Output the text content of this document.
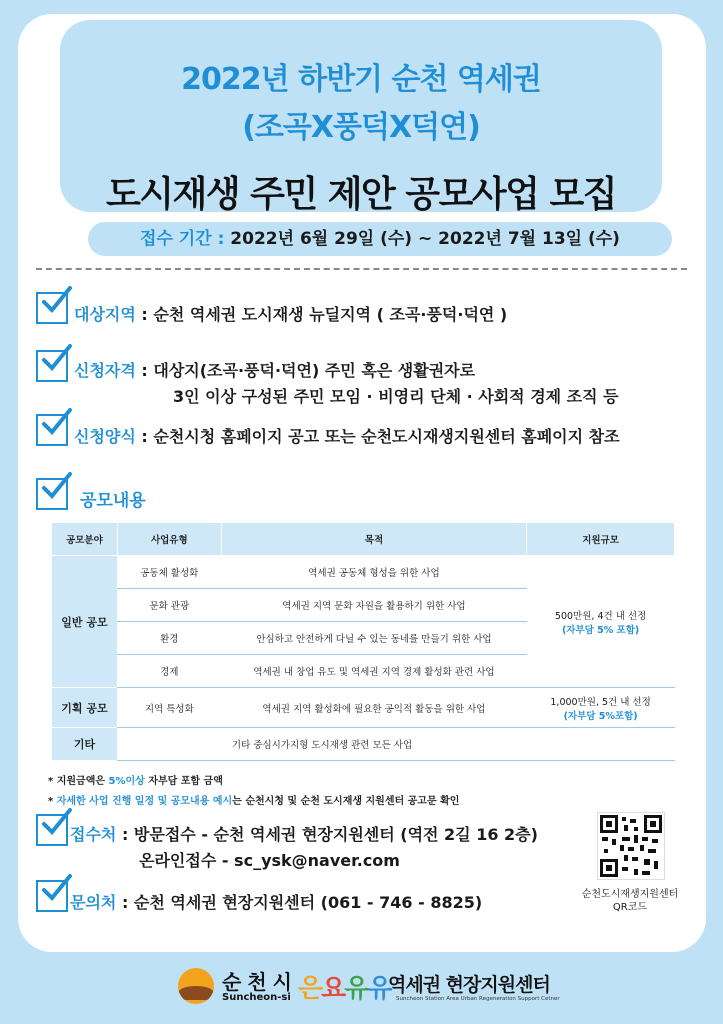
2022년 하반기 순천 역세권
(조곡X풍덕X덕연)
도시재생 주민 제안 공모사업 모집
접수 기간 : 2022년 6월 29일 (수) ~ 2022년 7월 13일 (수)
대상지역 : 순천 역세권 도시재생 뉴딜지역 ( 조곡·풍덕·덕연 )
신청자격 : 대상지(조곡·풍덕·덕연) 주민 혹은 생활권자로
3인 이상 구성된 주민 모임 · 비영리 단체 · 사회적 경제 조직 등
신청양식 : 순천시청 홈페이지 공고 또는 순천도시재생지원센터 홈페이지 참조
공모내용
공모분야	사업유형	목적	지원규모
일반 공모	공동체 활성화	역세권 공동체 형성을 위한 사업	500만원, 4건 내 선정
(자부담 5% 포함)

	문화 관광	역세권 지역 문화 자원을 활용하기 위한 사업	
	환경	안심하고 안전하게 다닐 수 있는 동네를 만들기 위한 사업	
	경제	역세권 내 창업 유도 및 역세권 지역 경제 활성화 관련 사업	
기획 공모	지역 특성화	역세권 지역 활성화에 필요한 공익적 활동을 위한 사업	1,000만원, 5건 내 선정
(자부담 5%포함)

기타	기타 중심시가지형 도시재생 관련 모든 사업		
* 지원금액은 5%이상 자부담 포함 금액
* 자세한 사업 진행 일정 및 공모내용 예시는 순천시청 및 순천 도시재생 지원센터 공고문 확인
접수처 : 방문접수 - 순천 역세권 현장지원센터 (역전 2길 16 2층)
온라인접수 - sc_ysk@naver.com
문의처 : 순천 역세권 현장지원센터 (061 - 746 - 8825)	순천도시재생지원센터
QR코드
순천시
Suncheon-si 은요유유
역세권 현장지원센터
Suncheon Station Area Urban Regeneration Support Cetner
